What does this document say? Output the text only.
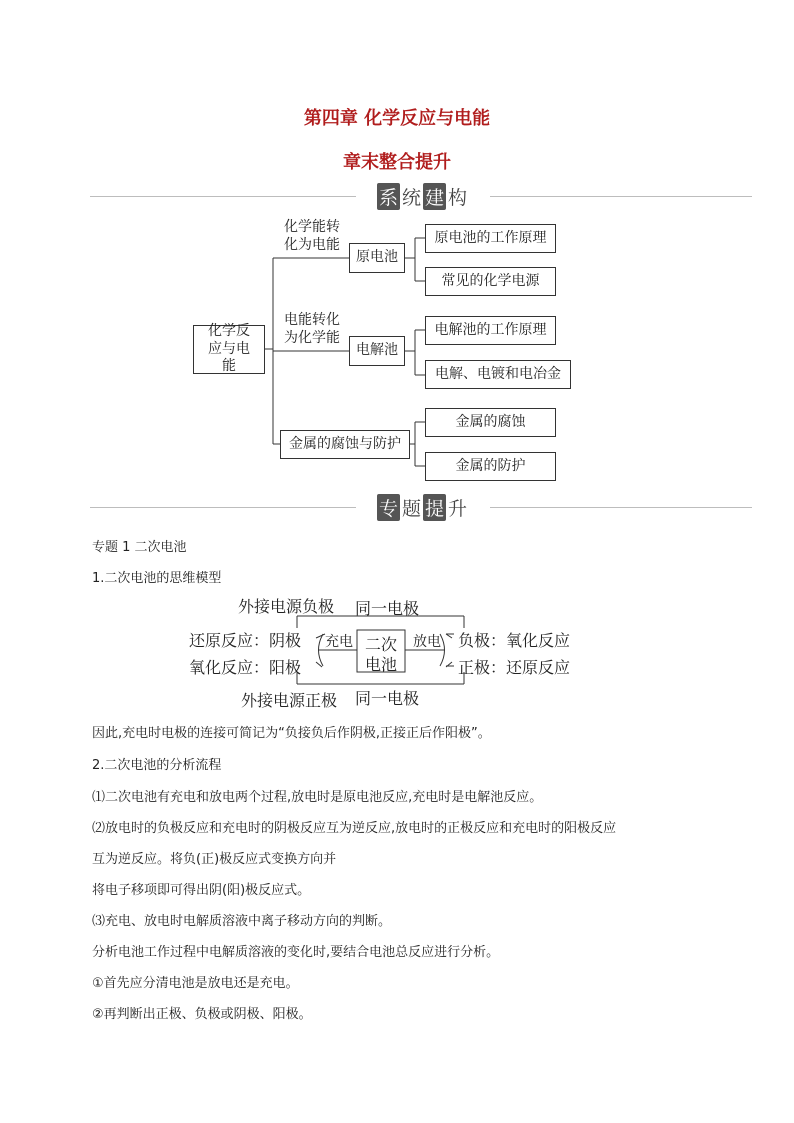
第四章 化学反应与电能
章末整合提升
系 统 建 构
化学反应与电能
化学能转化为电能
原电池
原电池的工作原理
常见的化学电源
电能转化为化学能
电解池
电解池的工作原理
电解、电镀和电冶金
金属的腐蚀与防护
金属的腐蚀
金属的防护
专 题 提 升
专题 1 二次电池
1.二次电池的思维模型
外接电源负极 同一电极
还原反应：阴极
氧化反应：阳极
充电	放电
二次
电池
负极：氧化反应
正极：还原反应
外接电源正极 同一电极
因此,充电时电极的连接可简记为“负接负后作阴极,正接正后作阳极”。
2.二次电池的分析流程
⑴二次电池有充电和放电两个过程,放电时是原电池反应,充电时是电解池反应。
⑵放电时的负极反应和充电时的阴极反应互为逆反应,放电时的正极反应和充电时的阳极反应
互为逆反应。将负(正)极反应式变换方向并
将电子移项即可得出阴(阳)极反应式。
⑶充电、放电时电解质溶液中离子移动方向的判断。
分析电池工作过程中电解质溶液的变化时,要结合电池总反应进行分析。
①首先应分清电池是放电还是充电。
②再判断出正极、负极或阴极、阳极。
